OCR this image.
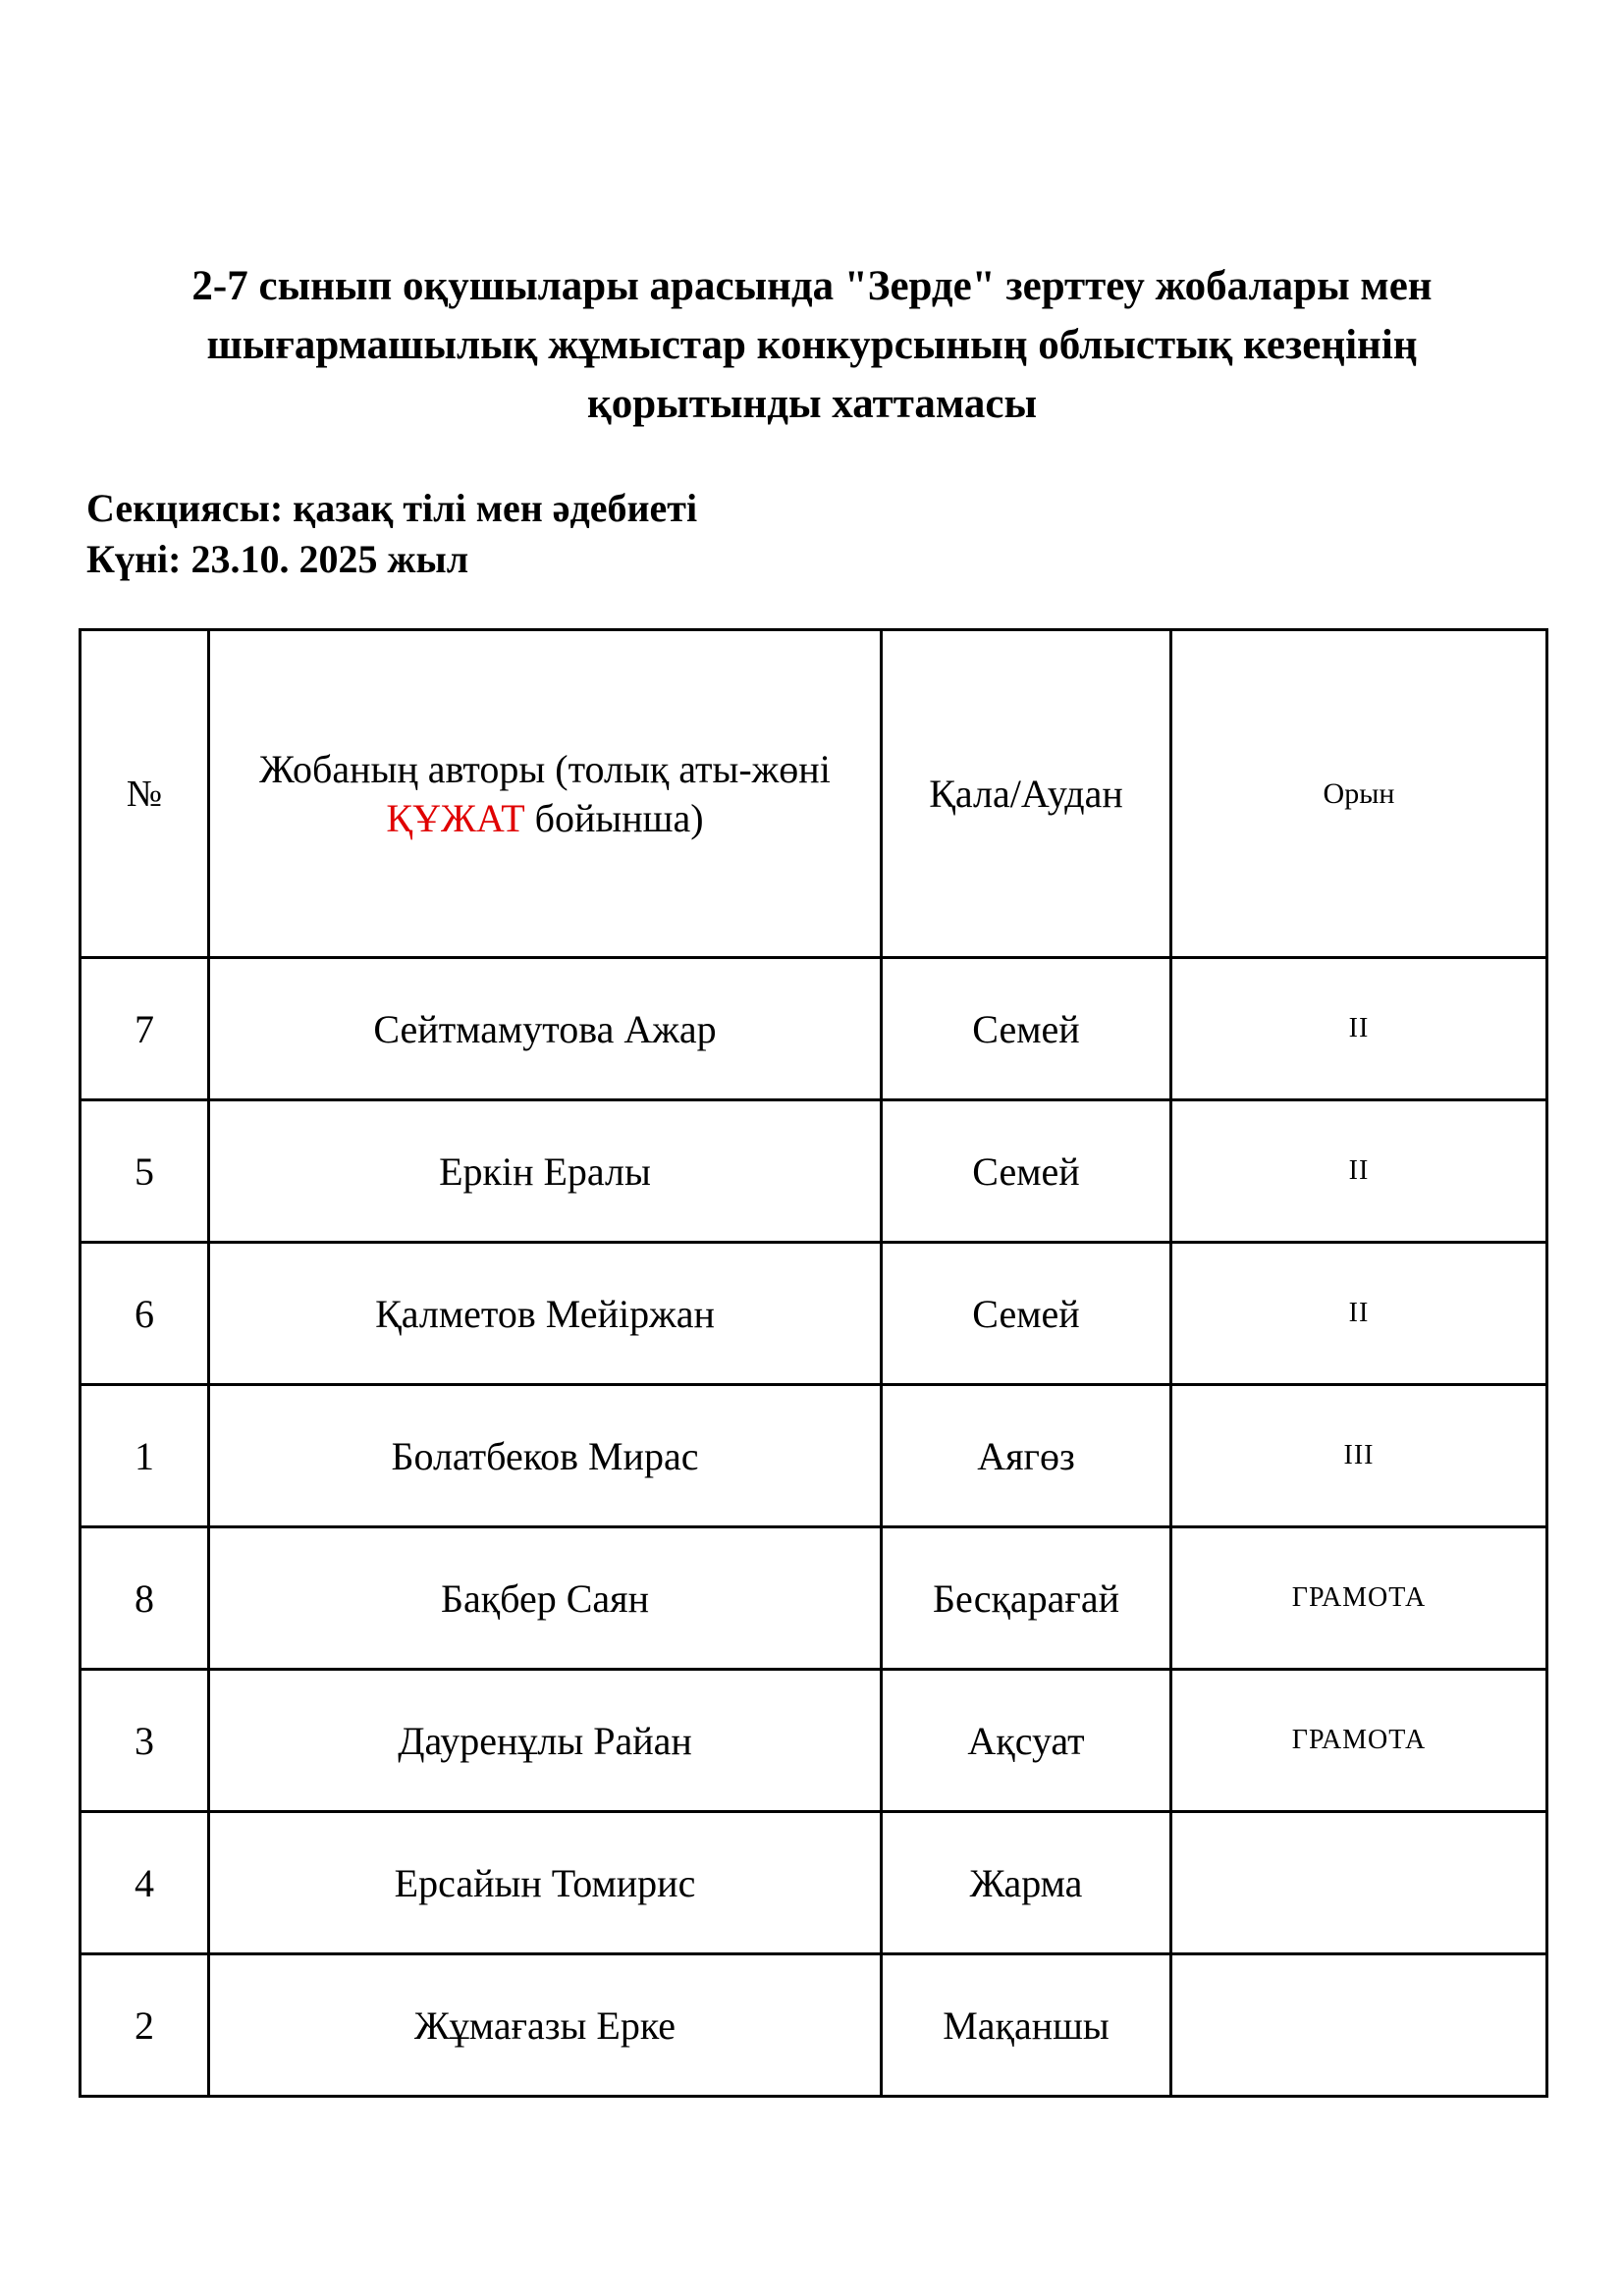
2-7 сынып оқушылары арасында "Зерде" зерттеу жобалары мен
шығармашылық жұмыстар конкурсының облыстық кезеңінің
қорытынды хаттамасы

Секциясы: қазақ тілі мен әдебиеті

Күні: 23.10. 2025 жыл

№	Жобаның авторы (толық аты-жөні ҚҰЖАТ бойынша)	Қала/Аудан	Орын
7	Сейтмамутова Ажар	Семей	II
5	Еркін Ералы	Семей	II
6	Қалметов Мейіржан	Семей	II
1	Болатбеков Мирас	Аягөз	III
8	Бақбер Саян	Бесқарағай	ГРАМОТА
3	Дауренұлы Райан	Ақсуат	ГРАМОТА
4	Ерсайын Томирис	Жарма	
2	Жұмағазы Ерке	Мақаншы	
